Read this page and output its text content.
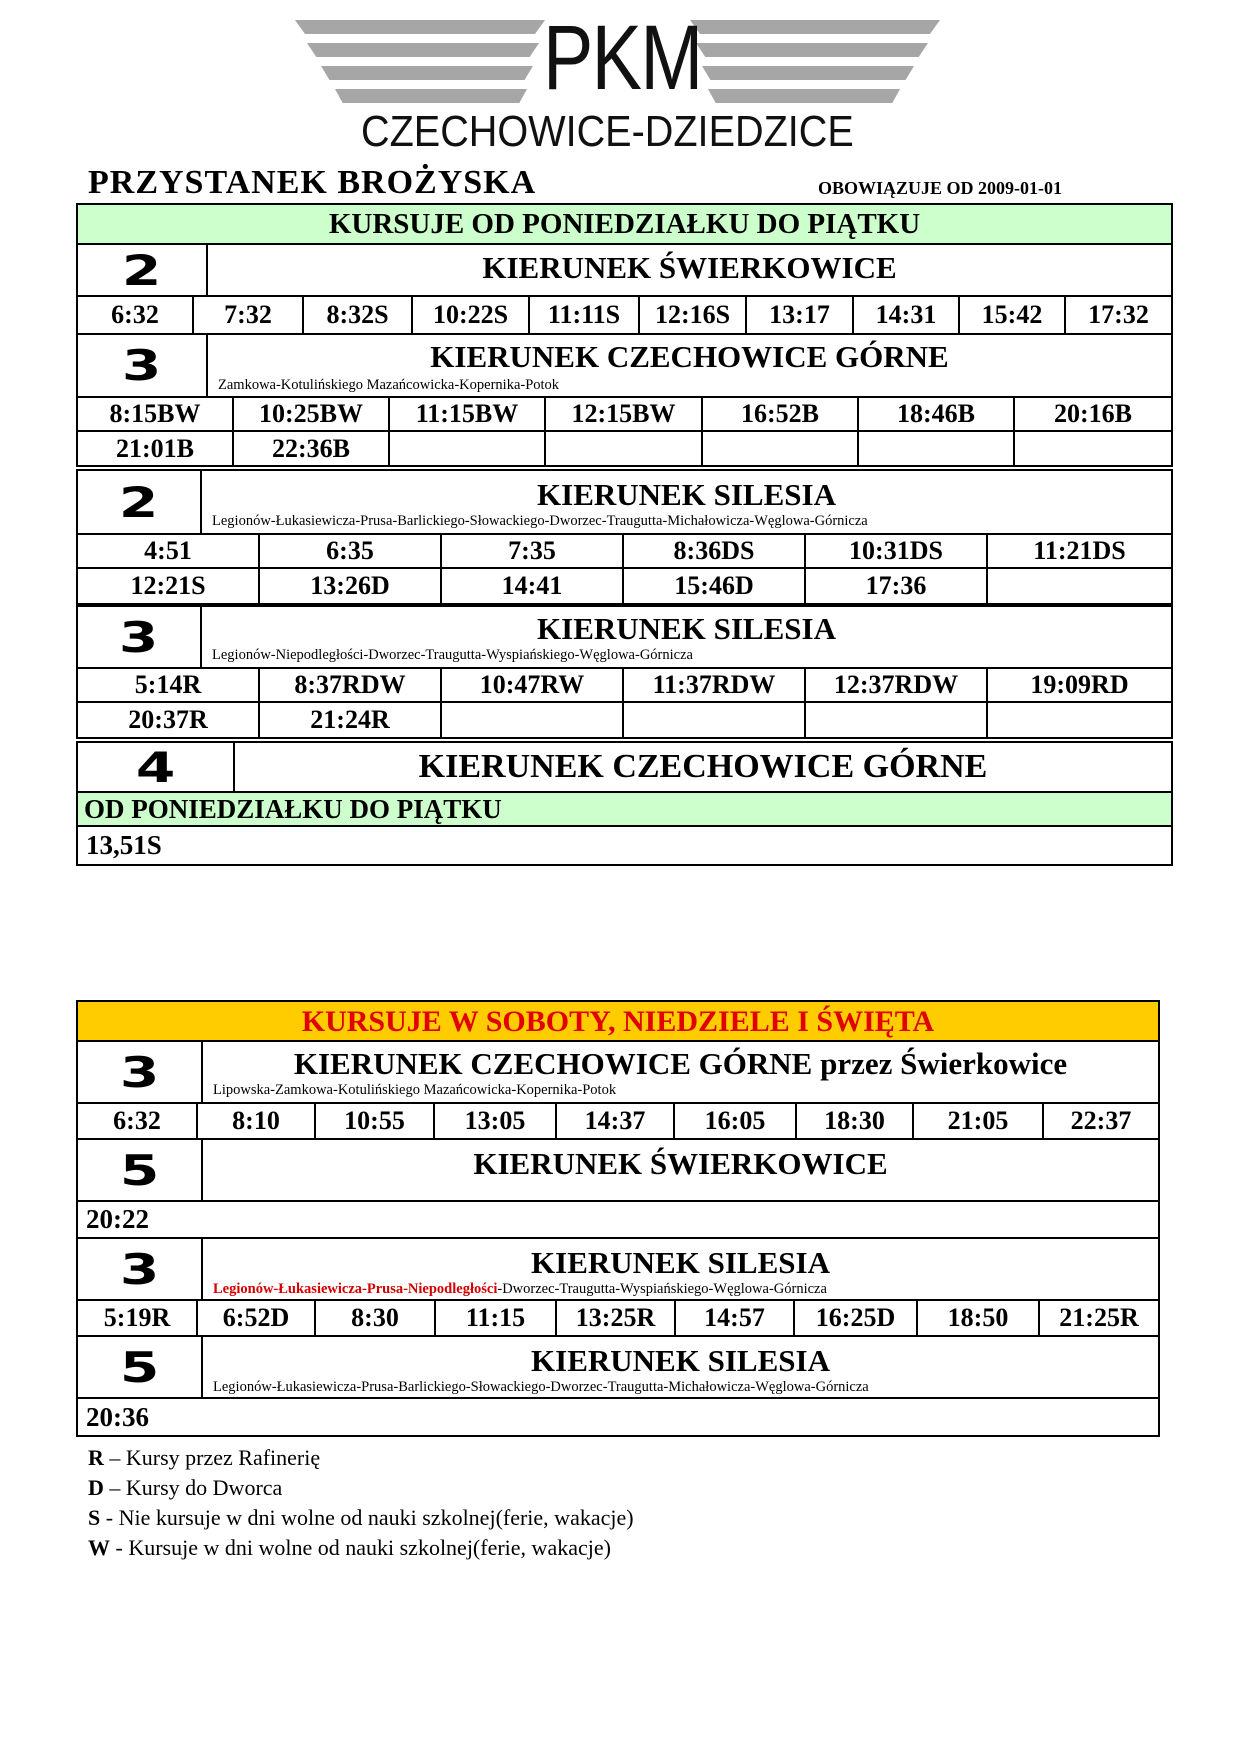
PKM
CZECHOWICE-DZIEDZICE
PRZYSTANEK BROŻYSKA	OBOWIĄZUJE OD 2009-01-01
KURSUJE OD PONIEDZIAŁKU DO PIĄTKU
2	KIERUNEK ŚWIERKOWICE
6:32	7:32	8:32S	10:22S	11:11S	12:16S	13:17	14:31	15:42	17:32
3	KIERUNEK CZECHOWICE GÓRNE
Zamkowa-Kotulińskiego Mazańcowicka-Kopernika-Potok
8:15BW	10:25BW	11:15BW	12:15BW	16:52B	18:46B	20:16B
21:01B	22:36B
2	KIERUNEK SILESIA
Legionów-Łukasiewicza-Prusa-Barlickiego-Słowackiego-Dworzec-Traugutta-Michałowicza-Węglowa-Górnicza
4:51	6:35	7:35	8:36DS	10:31DS	11:21DS
12:21S	13:26D	14:41	15:46D	17:36
3	KIERUNEK SILESIA
Legionów-Niepodległości-Dworzec-Traugutta-Wyspiańskiego-Węglowa-Górnicza
5:14R	8:37RDW	10:47RW	11:37RDW	12:37RDW	19:09RD
20:37R	21:24R
4	KIERUNEK CZECHOWICE GÓRNE
OD PONIEDZIAŁKU DO PIĄTKU
13,51S
KURSUJE W SOBOTY, NIEDZIELE I ŚWIĘTA
3	KIERUNEK CZECHOWICE GÓRNE przez Świerkowice
Lipowska-Zamkowa-Kotulińskiego Mazańcowicka-Kopernika-Potok
6:32	8:10	10:55	13:05	14:37	16:05	18:30	21:05	22:37
5	KIERUNEK ŚWIERKOWICE
20:22
3	KIERUNEK SILESIA
Legionów-Łukasiewicza-Prusa-Niepodległości-Dworzec-Traugutta-Wyspiańskiego-Węglowa-Górnicza
5:19R	6:52D	8:30	11:15	13:25R	14:57	16:25D	18:50	21:25R
5	KIERUNEK SILESIA
Legionów-Łukasiewicza-Prusa-Barlickiego-Słowackiego-Dworzec-Traugutta-Michałowicza-Węglowa-Górnicza
20:36
R – Kursy przez Rafinerię
D – Kursy do Dworca
S - Nie kursuje w dni wolne od nauki szkolnej(ferie, wakacje)
W - Kursuje w dni wolne od nauki szkolnej(ferie, wakacje)
